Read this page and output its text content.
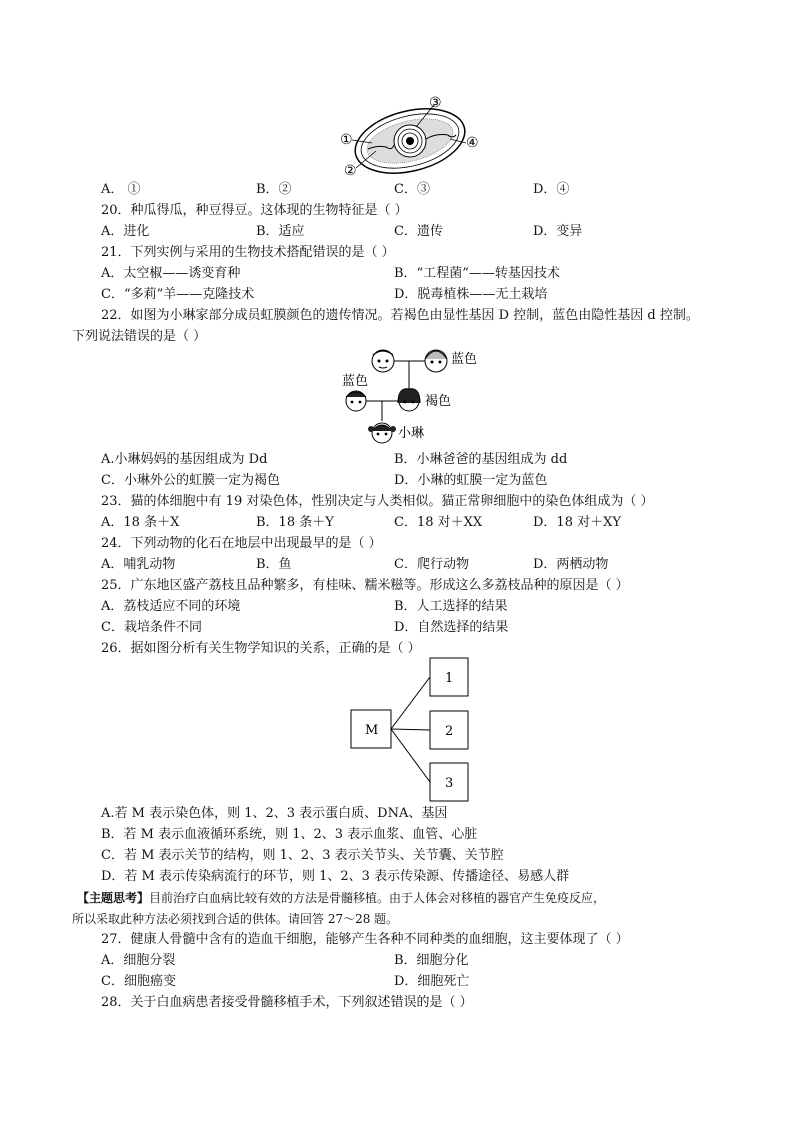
①
②
③
④
A． ①	B．②	C．③	D．④
20．种瓜得瓜，种豆得豆。这体现的生物特征是（ ）
A．进化	B．适应	C．遗传	D．变异
21．下列实例与采用的生物技术搭配错误的是（ ）
A．太空椒——诱变育种	B．“工程菌”——转基因技术
C．“多莉”羊——克隆技术	D．脱毒植株——无土栽培
22．如图为小琳家部分成员虹膜颜色的遗传情况。若褐色由显性基因 D 控制，蓝色由隐性基因 d 控制。
下列说法错误的是（ ）
蓝色
蓝色
褐色
小琳
A.小琳妈妈的基因组成为 Dd	B．小琳爸爸的基因组成为 dd
C．小琳外公的虹膜一定为褐色	D．小琳的虹膜一定为蓝色
23．猫的体细胞中有 19 对染色体，性别决定与人类相似。猫正常卵细胞中的染色体组成为（ ）
A．18 条＋X	B．18 条＋Y	C．18 对＋XX	D．18 对＋XY
24．下列动物的化石在地层中出现最早的是（ ）
A．哺乳动物	B．鱼	C．爬行动物	D．两栖动物
25．广东地区盛产荔枝且品种繁多，有桂味、糯米糍等。形成这么多荔枝品种的原因是（ ）
A．荔枝适应不同的环境	B．人工选择的结果
C．栽培条件不同	D．自然选择的结果
26．据如图分析有关生物学知识的关系，正确的是（ ）
M
1
2
3
A.若 M 表示染色体，则 1、2、3 表示蛋白质、DNA、基因
B．若 M 表示血液循环系统，则 1、2、3 表示血浆、血管、心脏
C．若 M 表示关节的结构，则 1、2、3 表示关节头、关节囊、关节腔
D．若 M 表示传染病流行的环节，则 1、2、3 表示传染源、传播途径、易感人群
【主题思考】目前治疗白血病比较有效的方法是骨髓移植。由于人体会对移植的器官产生免疫反应，
所以采取此种方法必须找到合适的供体。请回答 27～28 题。
27．健康人骨髓中含有的造血干细胞，能够产生各种不同种类的血细胞，这主要体现了（ ）
A．细胞分裂	B．细胞分化
C．细胞癌变	D．细胞死亡
28．关于白血病患者接受骨髓移植手术，下列叙述错误的是（ ）
